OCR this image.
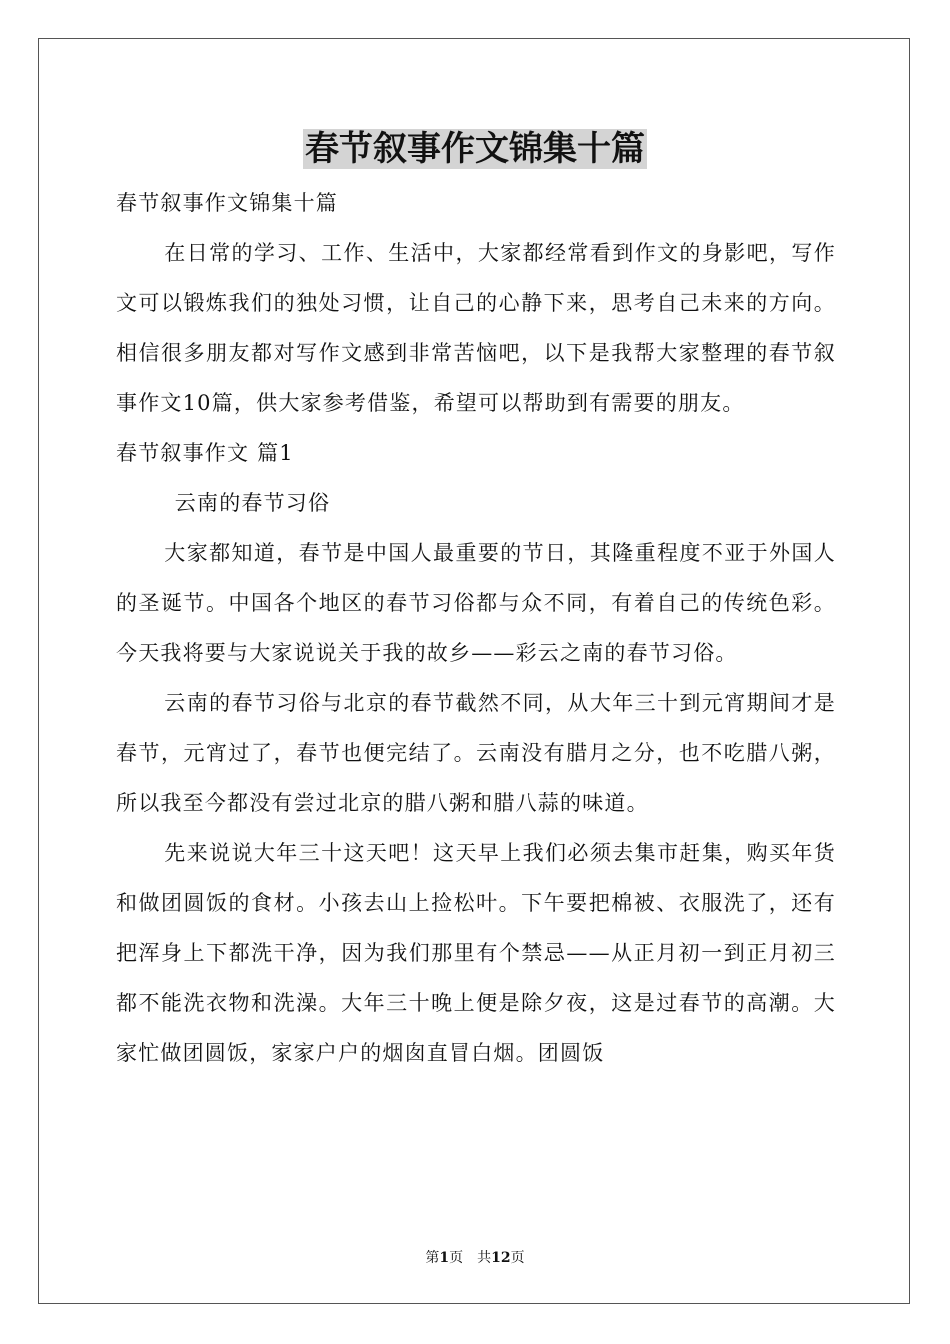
春节叙事作文锦集十篇

春节叙事作文锦集十篇

在日常的学习、工作、生活中，大家都经常看到作文的身影吧，写作文可以锻炼我们的独处习惯，让自己的心静下来，思考自己未来的方向。相信很多朋友都对写作文感到非常苦恼吧，以下是我帮大家整理的春节叙事作文10篇，供大家参考借鉴，希望可以帮助到有需要的朋友。

春节叙事作文 篇1

云南的春节习俗

大家都知道，春节是中国人最重要的节日，其隆重程度不亚于外国人的圣诞节。中国各个地区的春节习俗都与众不同，有着自己的传统色彩。今天我将要与大家说说关于我的故乡——彩云之南的春节习俗。

云南的春节习俗与北京的春节截然不同，从大年三十到元宵期间才是春节，元宵过了，春节也便完结了。云南没有腊月之分，也不吃腊八粥，所以我至今都没有尝过北京的腊八粥和腊八蒜的味道。

先来说说大年三十这天吧！这天早上我们必须去集市赶集，购买年货和做团圆饭的食材。小孩去山上捡松叶。下午要把棉被、衣服洗了，还有把浑身上下都洗干净，因为我们那里有个禁忌——从正月初一到正月初三都不能洗衣物和洗澡。大年三十晚上便是除夕夜，这是过春节的高潮。大家忙做团圆饭，家家户户的烟囱直冒白烟。团圆饭

第1页　共12页
